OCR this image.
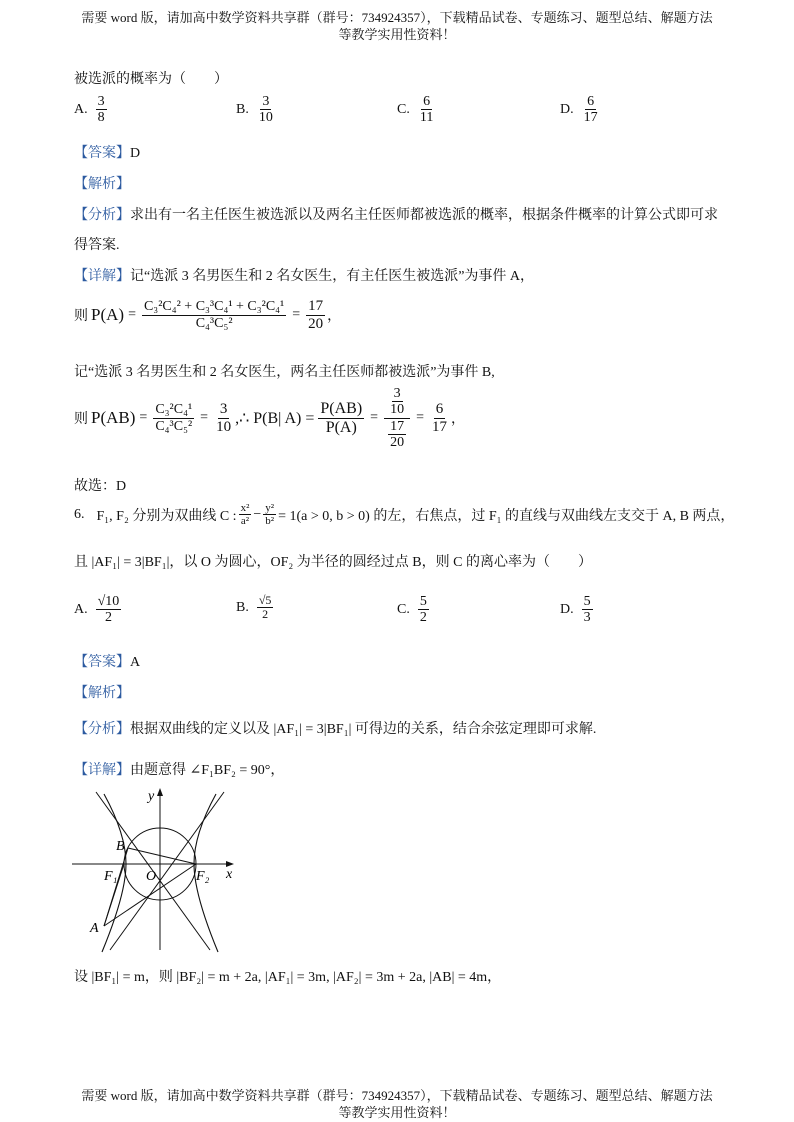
需要 word 版，请加高中数学资料共享群（群号：734924357），下载精品试卷、专题练习、题型总结、解题方法
等教学实用性资料！
被选派的概率为（　　）
A. $\frac{3}{8}$	B. $\frac{3}{10}$	C. $\frac{6}{11}$	D. $\frac{6}{17}$
【答案】D
【解析】
【分析】求出有一名主任医生被选派以及两名主任医师都被选派的概率，根据条件概率的计算公式即可求
得答案.
【详解】记“选派 3 名男医生和 2 名女医生，有主任医生被选派”为事件 A，
则 $P(A) = \frac{\text{C₃²C₄² + C₃³C₄¹ + C₃²C₄¹}}{\text{C₄³C₅²}} = \frac{17}{20}$ ，
记“选派 3 名男医生和 2 名女医生，两名主任医师都被选派”为事件 B,
则 $P(AB) = \frac{\text{C₃²C₄¹}}{\text{C₄³C₅²}} = \frac{3}{10}$ ,∴ P(B| $A) = \frac{P(AB)}{P(A)} = \frac{\frac{3}{10}}{\frac{17}{20}} = \frac{6}{17}$ ，
故选：D
6. F₁, F₂ 分别为双曲线 C : $\frac{\text{x²}}{\text{a²}} - \frac{\text{y²}}{\text{b²}} = 1(a > 0$, b > 0) 的左，右焦点，过 F₁ 的直线与双曲线左支交于 A, B 两点，
且 |AF₁| = 3|BF₁|，以 O 为圆心，OF₂ 为半径的圆经过点 B，则 C 的离心率为（　　）
A. $\frac{√10}{2}$	B. $\frac{√5}{2}$	C. $\frac{5}{2}$	D. $\frac{5}{3}$
【答案】A
【解析】
【分析】根据双曲线的定义以及 |AF₁| = 3|BF₁| 可得边的关系，结合余弦定理即可求解.
【详解】由题意得 ∠F₁BF₂ = 90°，
y
x
B
F₁ O	F₂
A
设 |BF₁| = m，则 |BF₂| = m + 2a, |AF₁| = 3m, |AF₂| = 3m + 2a, |AB| = 4m，
需要 word 版，请加高中数学资料共享群（群号：734924357），下载精品试卷、专题练习、题型总结、解题方法
等教学实用性资料！
